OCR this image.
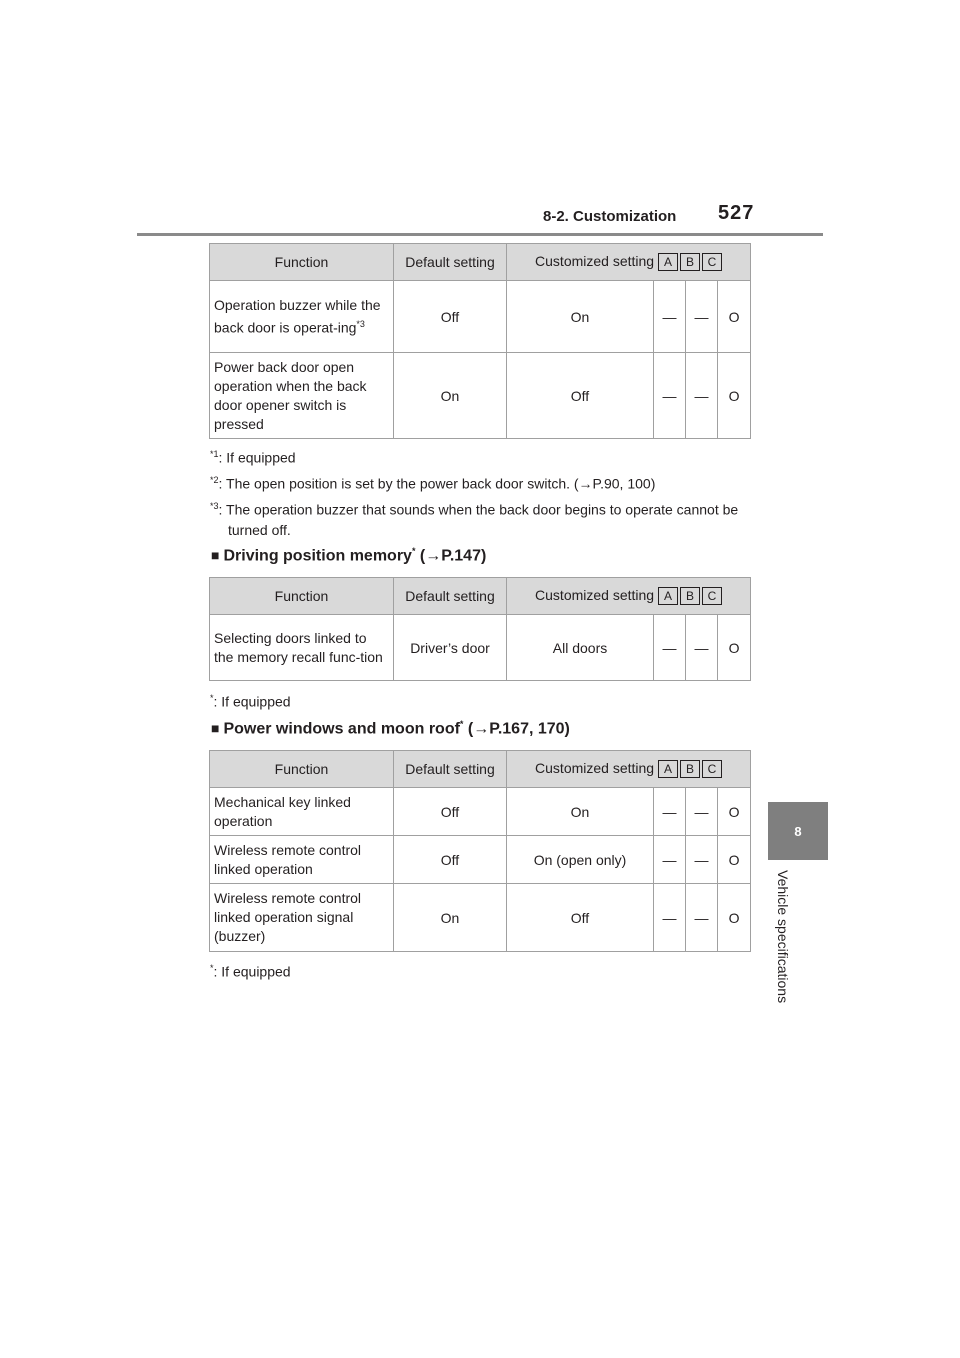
8-2. Customization 527
8
Vehicle specifications
Function	Default setting	Customized setting A B C			

Operation buzzer while the back door is operat-ing$^{*3}$	Off	On	—	—	O
Power back door open operation when the back door opener switch is pressed	On	Off	—	—	O
$^{*1}$: If equipped
$^{*2}$: The open position is set by the power back door switch. (→P.90, 100)
$^{*3}$: The operation buzzer that sounds when the back door begins to operate cannot be turned off.
■ Driving position memory* (→P.147)
Function	Default setting	Customized setting A B C			

Selecting doors linked to the memory recall func-tion	Driver’s door	All doors	—	—	O
*: If equipped
■ Power windows and moon roof* (→P.167, 170)
Function	Default setting	Customized setting A B C			

Mechanical key linked operation	Off	On	—	—	O
Wireless remote control linked operation	Off	On (open only)	—	—	O
Wireless remote control linked operation signal (buzzer)	On	Off	—	—	O
*: If equipped
